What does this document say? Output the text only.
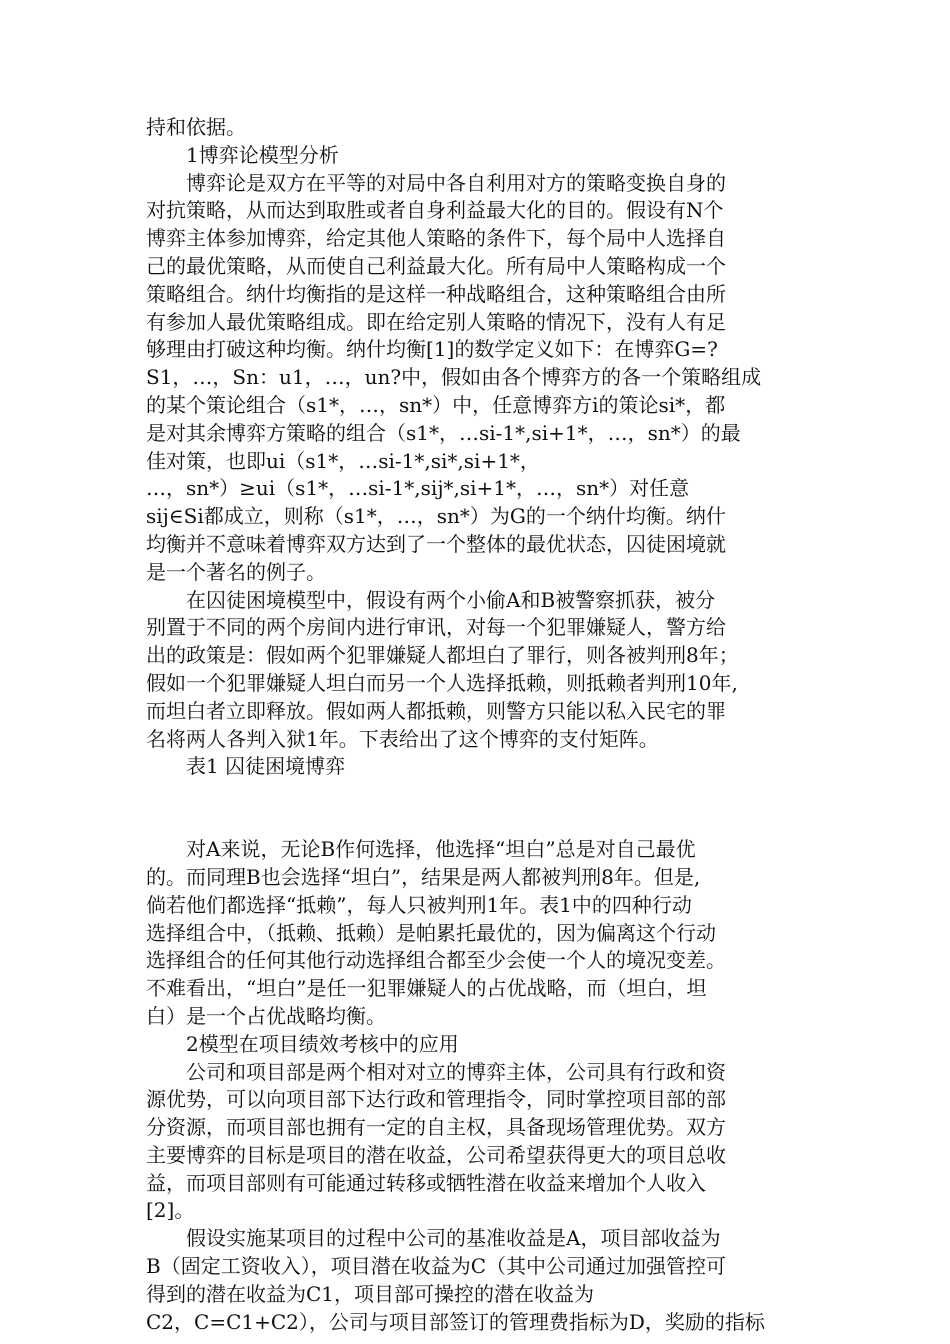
持和依据。
1博弈论模型分析
博弈论是双方在平等的对局中各自利用对方的策略变换自身的
对抗策略，从而达到取胜或者自身利益最大化的目的。假设有N个
博弈主体参加博弈，给定其他人策略的条件下，每个局中人选择自
己的最优策略，从而使自己利益最大化。所有局中人策略构成一个
策略组合。纳什均衡指的是这样一种战略组合，这种策略组合由所
有参加人最优策略组成。即在给定别人策略的情况下，没有人有足
够理由打破这种均衡。纳什均衡[1]的数学定义如下：在博弈G=?
S1，…，Sn：u1，…，un?中，假如由各个博弈方的各一个策略组成
的某个策论组合（s1*，…，sn*）中，任意博弈方i的策论si*，都
是对其余博弈方策略的组合（s1*，…si-1*,si+1*，…，sn*）的最
佳对策，也即ui（s1*，…si-1*,si*,si+1*，
…，sn*）≥ui（s1*，…si-1*,sij*,si+1*，…，sn*）对任意
sij∈Si都成立，则称（s1*，…，sn*）为G的一个纳什均衡。纳什
均衡并不意味着博弈双方达到了一个整体的最优状态，囚徒困境就
是一个著名的例子。
在囚徒困境模型中，假设有两个小偷A和B被警察抓获，被分
别置于不同的两个房间内进行审讯，对每一个犯罪嫌疑人，警方给
出的政策是：假如两个犯罪嫌疑人都坦白了罪行，则各被判刑8年；
假如一个犯罪嫌疑人坦白而另一个人选择抵赖，则抵赖者判刑10年,
而坦白者立即释放。假如两人都抵赖，则警方只能以私入民宅的罪
名将两人各判入狱1年。下表给出了这个博弈的支付矩阵。
表1 囚徒困境博弈
对A来说，无论B作何选择，他选择“坦白”总是对自己最优
的。而同理B也会选择“坦白”，结果是两人都被判刑8年。但是,
倘若他们都选择“抵赖”，每人只被判刑1年。表1中的四种行动
选择组合中，（抵赖、抵赖）是帕累托最优的，因为偏离这个行动
选择组合的任何其他行动选择组合都至少会使一个人的境况变差。
不难看出，“坦白”是任一犯罪嫌疑人的占优战略，而（坦白，坦
白）是一个占优战略均衡。
2模型在项目绩效考核中的应用
公司和项目部是两个相对对立的博弈主体，公司具有行政和资
源优势，可以向项目部下达行政和管理指令，同时掌控项目部的部
分资源，而项目部也拥有一定的自主权，具备现场管理优势。双方
主要博弈的目标是项目的潜在收益，公司希望获得更大的项目总收
益，而项目部则有可能通过转移或牺牲潜在收益来增加个人收入
[2]。
假设实施某项目的过程中公司的基准收益是A，项目部收益为
B（固定工资收入），项目潜在收益为C（其中公司通过加强管控可
得到的潜在收益为C1，项目部可操控的潜在收益为
C2，C=C1+C2），公司与项目部签订的管理费指标为D，奖励的指标
